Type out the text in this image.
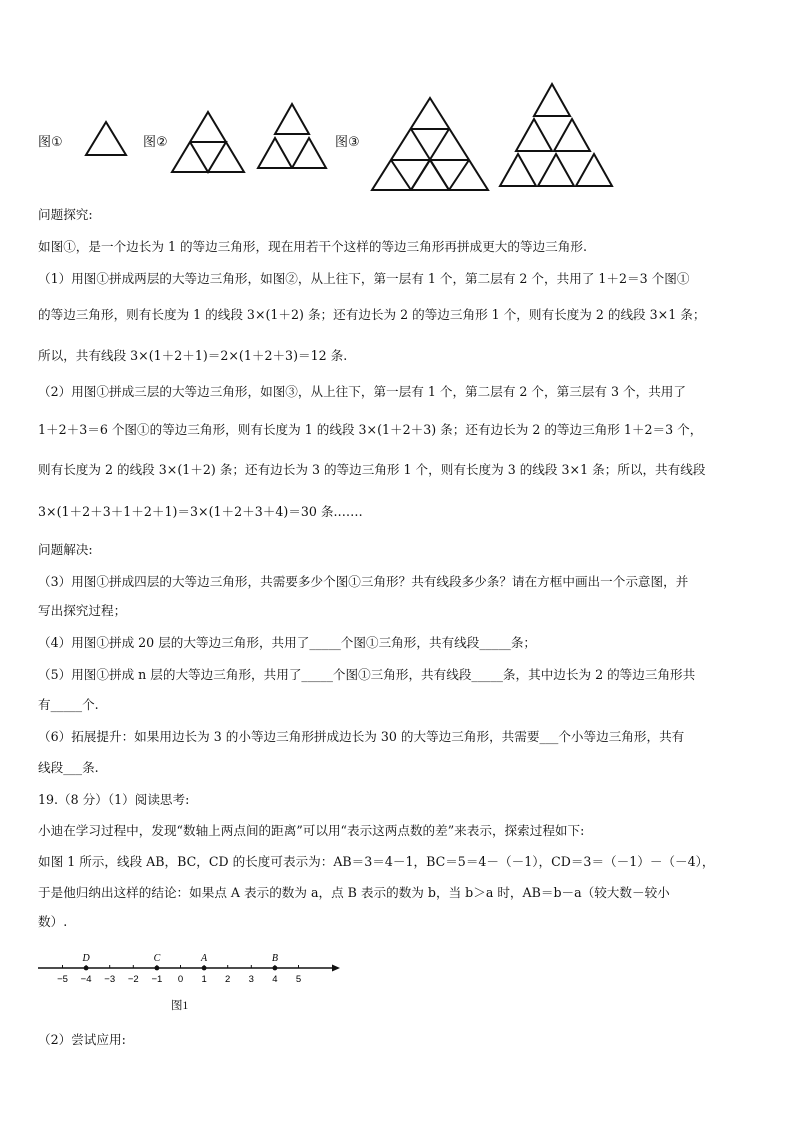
图①	图②	图③
问题探究:
如图①，是一个边长为 1 的等边三角形，现在用若干个这样的等边三角形再拼成更大的等边三角形.
（1）用图①拼成两层的大等边三角形，如图②，从上往下，第一层有 1 个，第二层有 2 个，共用了 1＋2＝3 个图①
的等边三角形，则有长度为 1 的线段 3×(1＋2) 条；还有边长为 2 的等边三角形 1 个，则有长度为 2 的线段 3×1 条；
所以，共有线段 3×(1＋2＋1)＝2×(1＋2＋3)＝12 条.
（2）用图①拼成三层的大等边三角形，如图③，从上往下，第一层有 1 个，第二层有 2 个，第三层有 3 个，共用了
1＋2＋3＝6 个图①的等边三角形，则有长度为 1 的线段 3×(1＋2＋3) 条；还有边长为 2 的等边三角形 1＋2＝3 个，
则有长度为 2 的线段 3×(1＋2) 条；还有边长为 3 的等边三角形 1 个，则有长度为 3 的线段 3×1 条；所以，共有线段
3×(1＋2＋3＋1＋2＋1)＝3×(1＋2＋3＋4)＝30 条.……
问题解决:
（3）用图①拼成四层的大等边三角形，共需要多少个图①三角形？共有线段多少条？请在方框中画出一个示意图，并
写出探究过程；
（4）用图①拼成 20 层的大等边三角形，共用了_____个图①三角形，共有线段_____条；
（5）用图①拼成 n 层的大等边三角形，共用了_____个图①三角形，共有线段_____条，其中边长为 2 的等边三角形共
有_____个.
（6）拓展提升：如果用边长为 3 的小等边三角形拼成边长为 30 的大等边三角形，共需要___个小等边三角形，共有
线段___条.
19.（8 分）（1）阅读思考:
小迪在学习过程中，发现“数轴上两点间的距离”可以用“表示这两点数的差”来表示，探索过程如下:
如图 1 所示，线段 AB，BC，CD 的长度可表示为：AB＝3＝4－1，BC＝5＝4－（－1），CD＝3＝（－1）－（－4），
于是他归纳出这样的结论：如果点 A 表示的数为 a，点 B 表示的数为 b，当 b＞a 时，AB＝b－a（较大数－较小
数）.
−5 −4 −3 −2 −1 0 1 2 3 4 5
D	C	A	B
图1
（2）尝试应用:
